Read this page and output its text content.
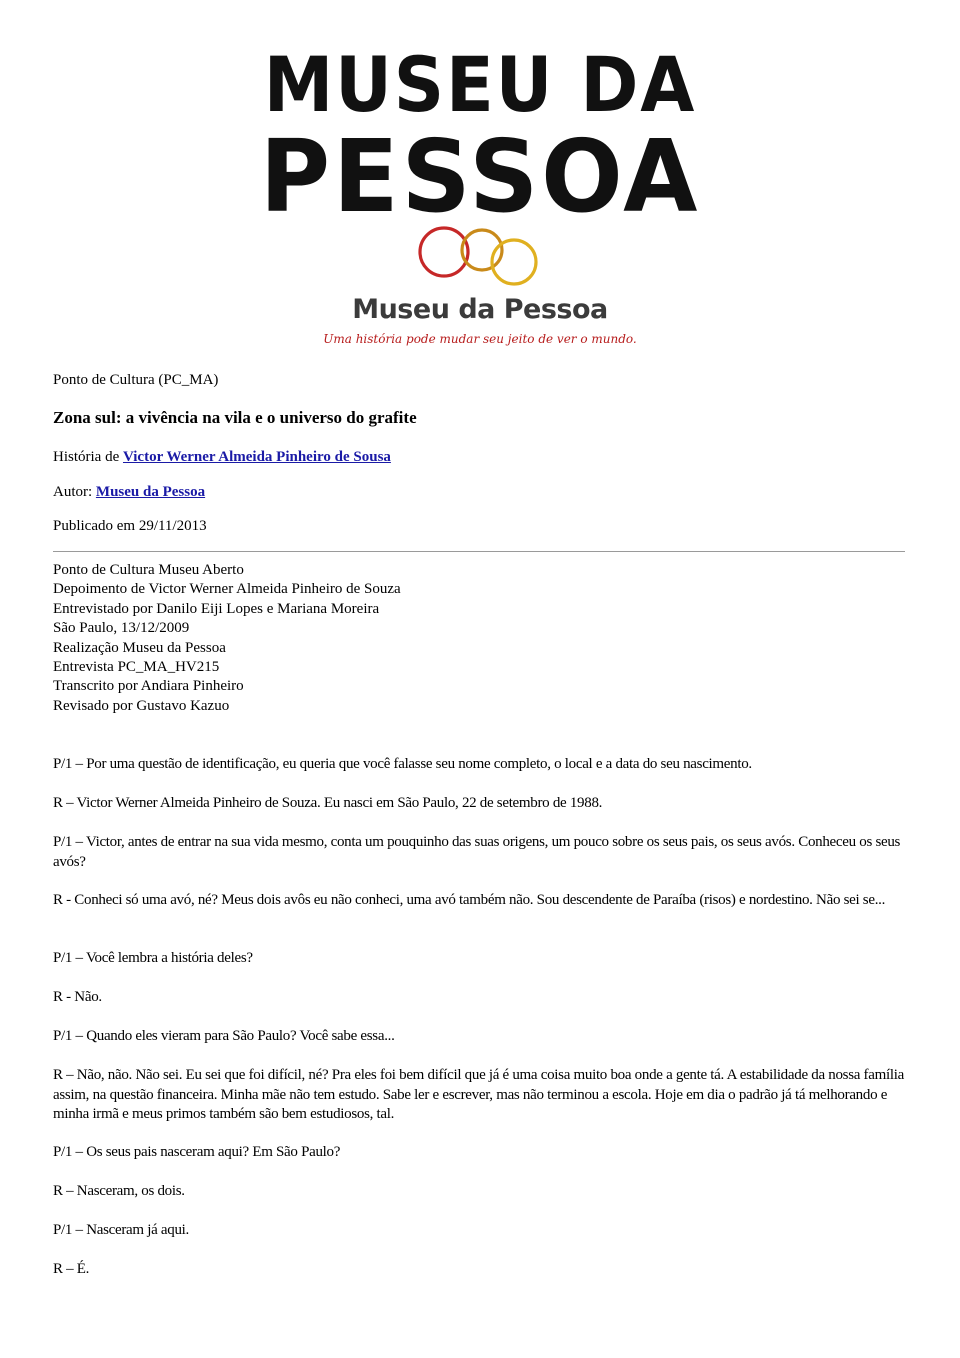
MUSEU DA
PESSOA
Museu da Pessoa
Uma história pode mudar seu jeito de ver o mundo.
Ponto de Cultura (PC_MA)
Zona sul: a vivência na vila e o universo do grafite
História de Victor Werner Almeida Pinheiro de Sousa
Autor: Museu da Pessoa
Publicado em 29/11/2013
Ponto de Cultura Museu Aberto
Depoimento de Victor Werner Almeida Pinheiro de Souza
Entrevistado por Danilo Eiji Lopes e Mariana Moreira
São Paulo, 13/12/2009
Realização Museu da Pessoa
Entrevista PC_MA_HV215
Transcrito por Andiara Pinheiro
Revisado por Gustavo Kazuo
P/1 – Por uma questão de identificação, eu queria que você falasse seu nome completo, o local e a data do seu nascimento.
R – Victor Werner Almeida Pinheiro de Souza. Eu nasci em São Paulo, 22 de setembro de 1988.
P/1 – Victor, antes de entrar na sua vida mesmo, conta um pouquinho das suas origens, um pouco sobre os seus pais, os seus avós. Conheceu os seus avós?
R - Conheci só uma avó, né? Meus dois avôs eu não conheci, uma avó também não. Sou descendente de Paraíba (risos) e nordestino. Não sei se...
P/1 – Você lembra a história deles?
R - Não.
P/1 – Quando eles vieram para São Paulo? Você sabe essa...
R – Não, não. Não sei. Eu sei que foi difícil, né? Pra eles foi bem difícil que já é uma coisa muito boa onde a gente tá. A estabilidade da nossa família assim, na questão financeira. Minha mãe não tem estudo. Sabe ler e escrever, mas não terminou a escola. Hoje em dia o padrão já tá melhorando e minha irmã e meus primos também são bem estudiosos, tal.
P/1 – Os seus pais nasceram aqui? Em São Paulo?
R – Nasceram, os dois.
P/1 – Nasceram já aqui.
R – É.
